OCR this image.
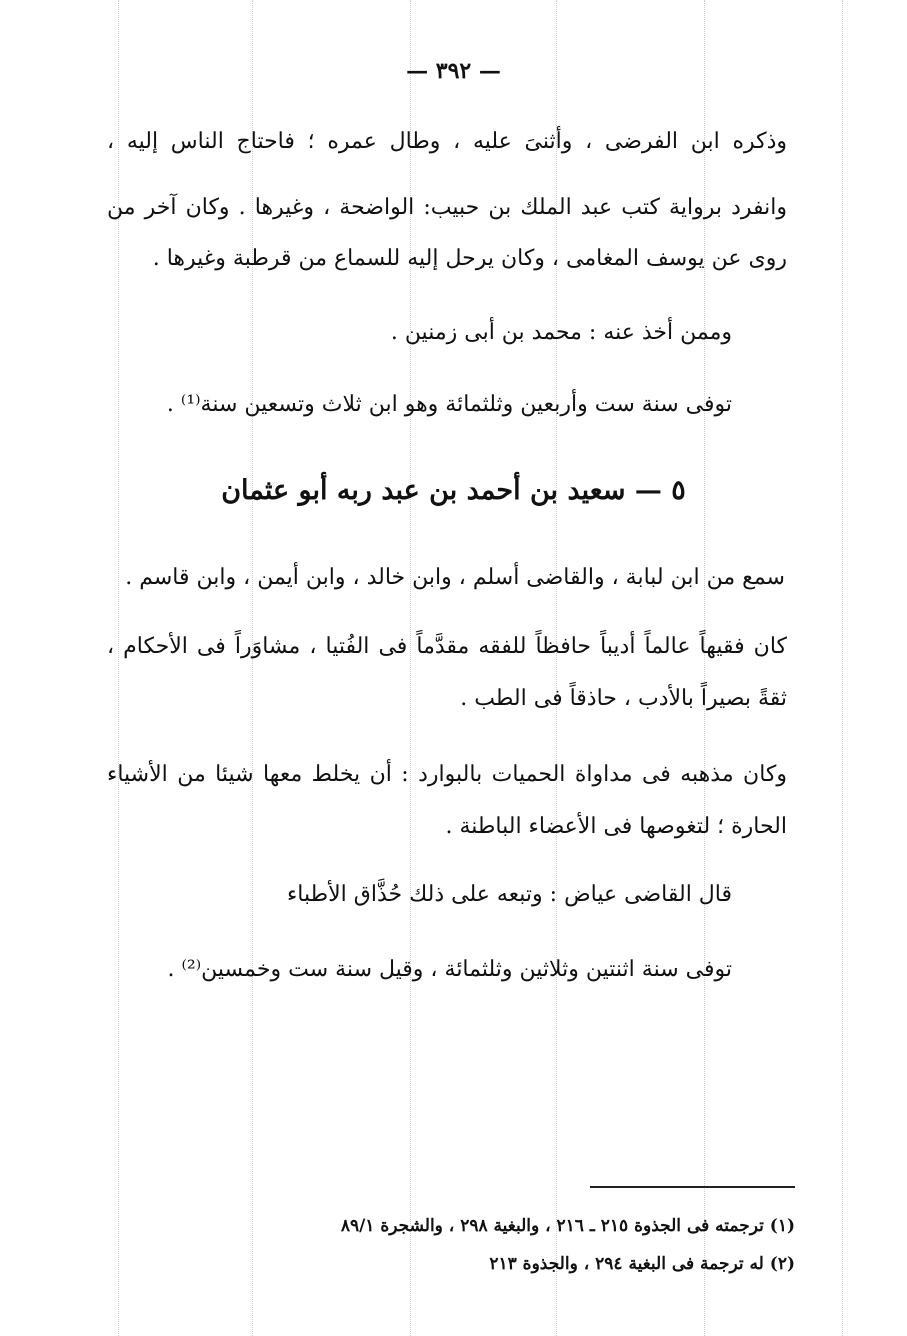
— ٣٩٢ —
وذكره ابن الفرضى ، وأثنىَ عليه ، وطال عمره ؛ فاحتاج الناس إليه ،
وانفرد برواية كتب عبد الملك بن حبيب: الواضحة ، وغيرها . وكان آخر من
روى عن يوسف المغامى ، وكان يرحل إليه للسماع من قرطبة وغيرها .
وممن أخذ عنه : محمد بن أبى زمنين .
توفى سنة ست وأربعين وثلثمائة وهو ابن ثلاث وتسعين سنة⁽¹⁾ .
٥ — سعيد بن أحمد بن عبد ربه أبو عثمان
سمع من ابن لبابة ، والقاضى أسلم ، وابن خالد ، وابن أيمن ، وابن قاسم .
كان فقيهاً عالماً أديباً حافظاً للفقه مقدَّماً فى الفُتيا ، مشاوَراً فى الأحكام ،
ثقةً بصيراً بالأدب ، حاذقاً فى الطب .
وكان مذهبه فى مداواة الحميات بالبوارد : أن يخلط معها شيئا من الأشياء
الحارة ؛ لتغوصها فى الأعضاء الباطنة .
قال القاضى عياض : وتبعه على ذلك حُذَّاق الأطباء
توفى سنة اثنتين وثلاثين وثلثمائة ، وقيل سنة ست وخمسين⁽²⁾ .
(١) ترجمته فى الجذوة ٢١٥ ـ ٢١٦ ، والبغية ٢٩٨ ، والشجرة ٨٩/١
(٢) له ترجمة فى البغية ٢٩٤ ، والجذوة ٢١٣
